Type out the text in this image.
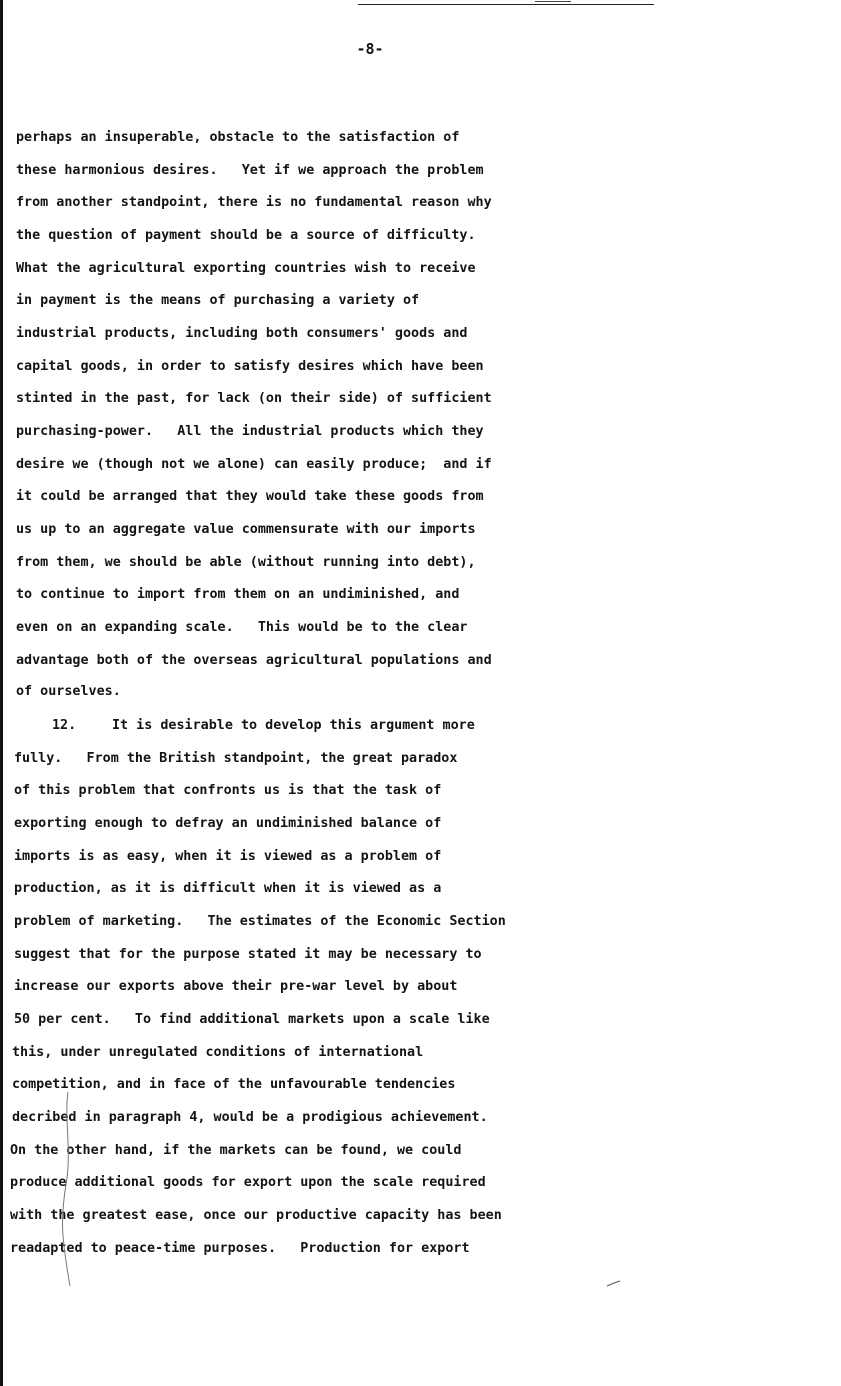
-8-
perhaps an insuperable, obstacle to the satisfaction of
these harmonious desires.   Yet if we approach the problem
from another standpoint, there is no fundamental reason why
the question of payment should be a source of difficulty.
What the agricultural exporting countries wish to receive
in payment is the means of purchasing a variety of
industrial products, including both consumers' goods and
capital goods, in order to satisfy desires which have been
stinted in the past, for lack (on their side) of sufficient
purchasing-power.   All the industrial products which they
desire we (though not we alone) can easily produce;  and if
it could be arranged that they would take these goods from
us up to an aggregate value commensurate with our imports
from them, we should be able (without running into debt),
to continue to import from them on an undiminished, and
even on an expanding scale.   This would be to the clear
advantage both of the overseas agricultural populations and
of ourselves.
12.	It is desirable to develop this argument more
fully.   From the British standpoint, the great paradox
of this problem that confronts us is that the task of
exporting enough to defray an undiminished balance of
imports is as easy, when it is viewed as a problem of
production, as it is difficult when it is viewed as a
problem of marketing.   The estimates of the Economic Section
suggest that for the purpose stated it may be necessary to
increase our exports above their pre-war level by about
50 per cent.   To find additional markets upon a scale like
this, under unregulated conditions of international
competition, and in face of the unfavourable tendencies
decribed in paragraph 4, would be a prodigious achievement.
On the other hand, if the markets can be found, we could
produce additional goods for export upon the scale required
with the greatest ease, once our productive capacity has been
readapted to peace-time purposes.   Production for export
